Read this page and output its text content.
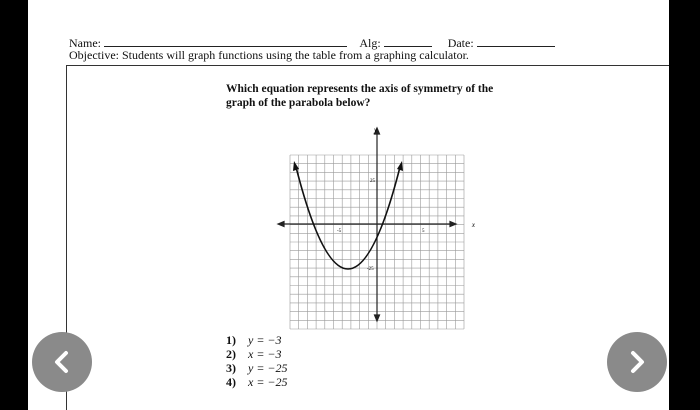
Name:	Alg:	Date:
Objective: Students will graph functions using the table from a graphing calculator.
Which equation represents the axis of symmetry of the graph of the parabola below?
x
y
-5	5
25
-25
1) y = −3
2) x = −3
3) y = −25
4) x = −25
